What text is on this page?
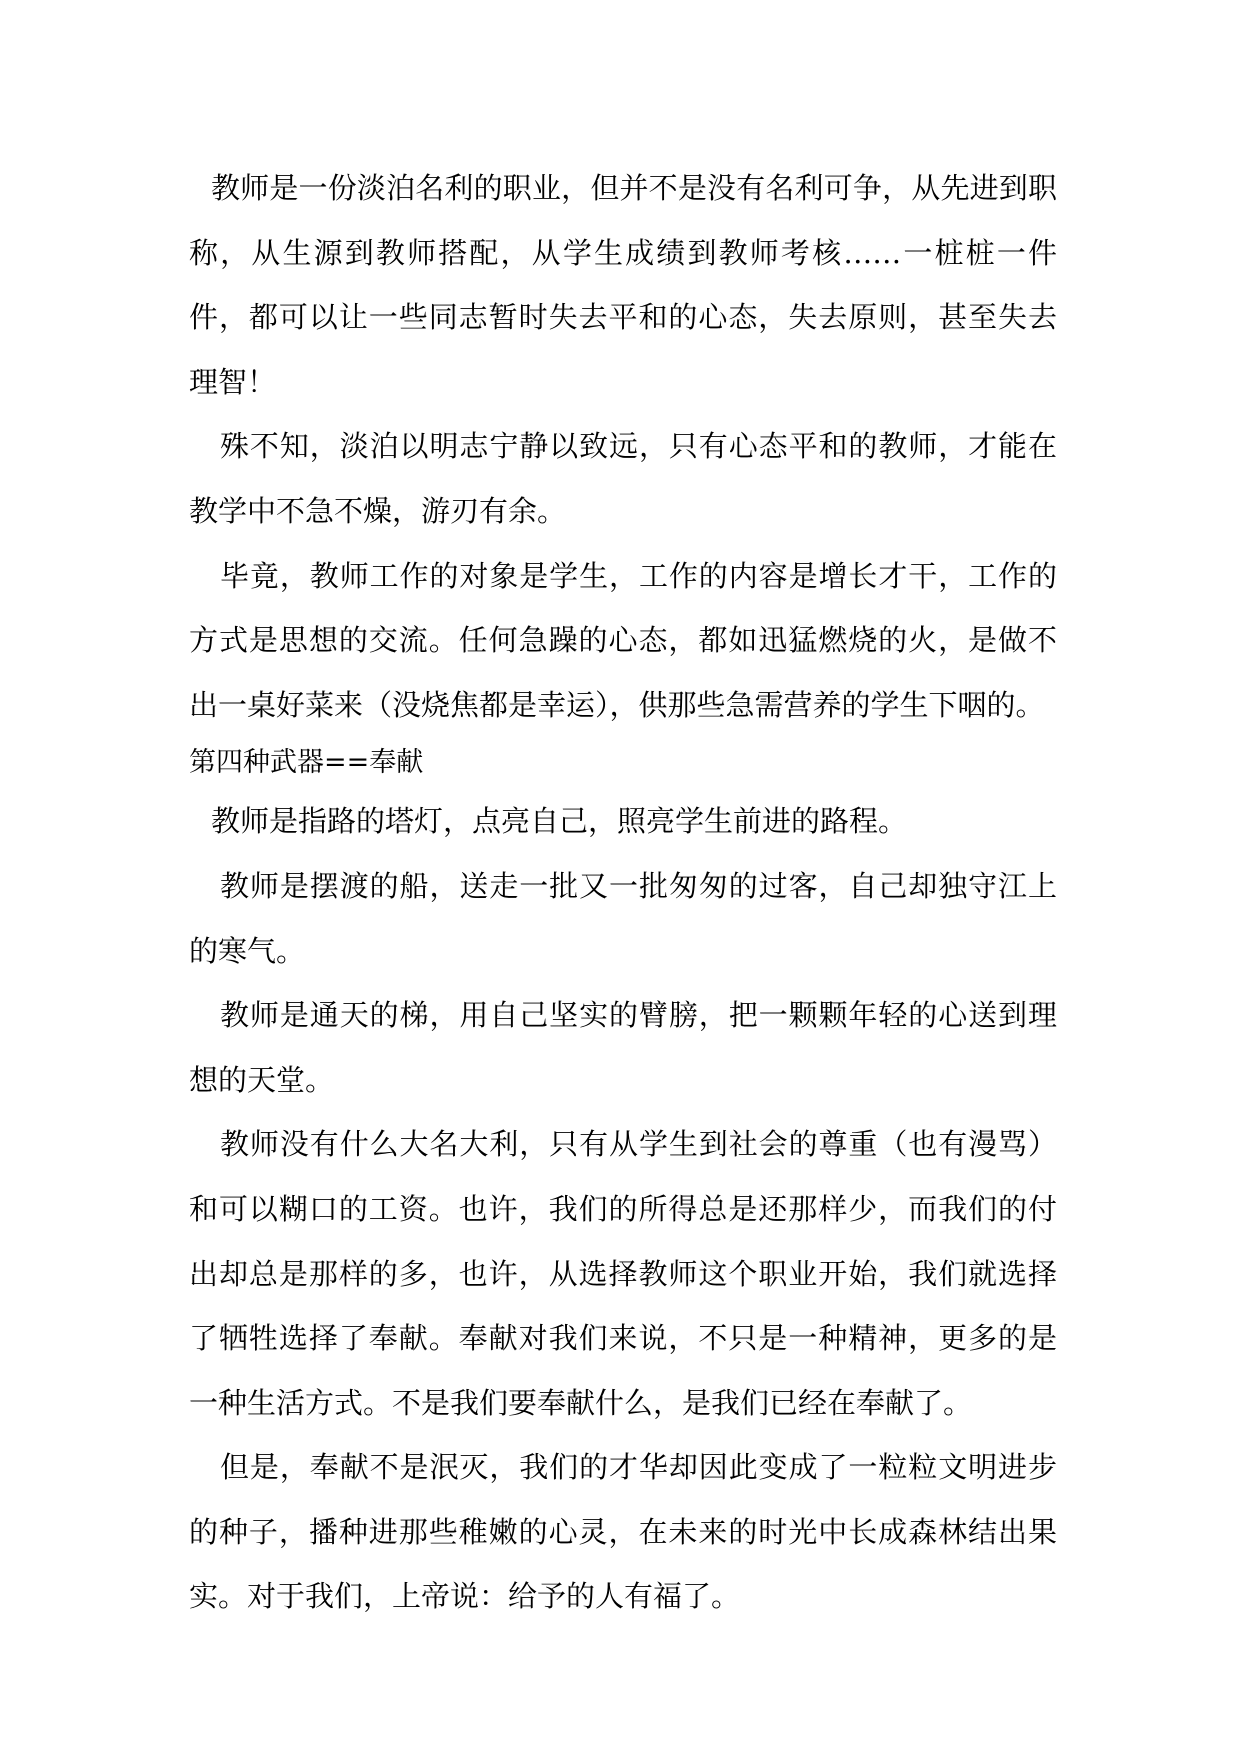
教师是一份淡泊名利的职业，但并不是没有名利可争，从先进到职称，从生源到教师搭配，从学生成绩到教师考核……一桩桩一件件，都可以让一些同志暂时失去平和的心态，失去原则，甚至失去理智！

殊不知，淡泊以明志宁静以致远，只有心态平和的教师，才能在教学中不急不燥，游刃有余。

毕竟，教师工作的对象是学生，工作的内容是增长才干，工作的方式是思想的交流。任何急躁的心态，都如迅猛燃烧的火，是做不出一桌好菜来（没烧焦都是幸运），供那些急需营养的学生下咽的。

第四种武器==奉献

教师是指路的塔灯，点亮自己，照亮学生前进的路程。

教师是摆渡的船，送走一批又一批匆匆的过客，自己却独守江上的寒气。

教师是通天的梯，用自己坚实的臂膀，把一颗颗年轻的心送到理想的天堂。

教师没有什么大名大利，只有从学生到社会的尊重（也有漫骂）和可以糊口的工资。也许，我们的所得总是还那样少，而我们的付出却总是那样的多，也许，从选择教师这个职业开始，我们就选择了牺牲选择了奉献。奉献对我们来说，不只是一种精神，更多的是一种生活方式。不是我们要奉献什么，是我们已经在奉献了。

但是，奉献不是泯灭，我们的才华却因此变成了一粒粒文明进步的种子，播种进那些稚嫩的心灵，在未来的时光中长成森林结出果实。对于我们，上帝说：给予的人有福了。
